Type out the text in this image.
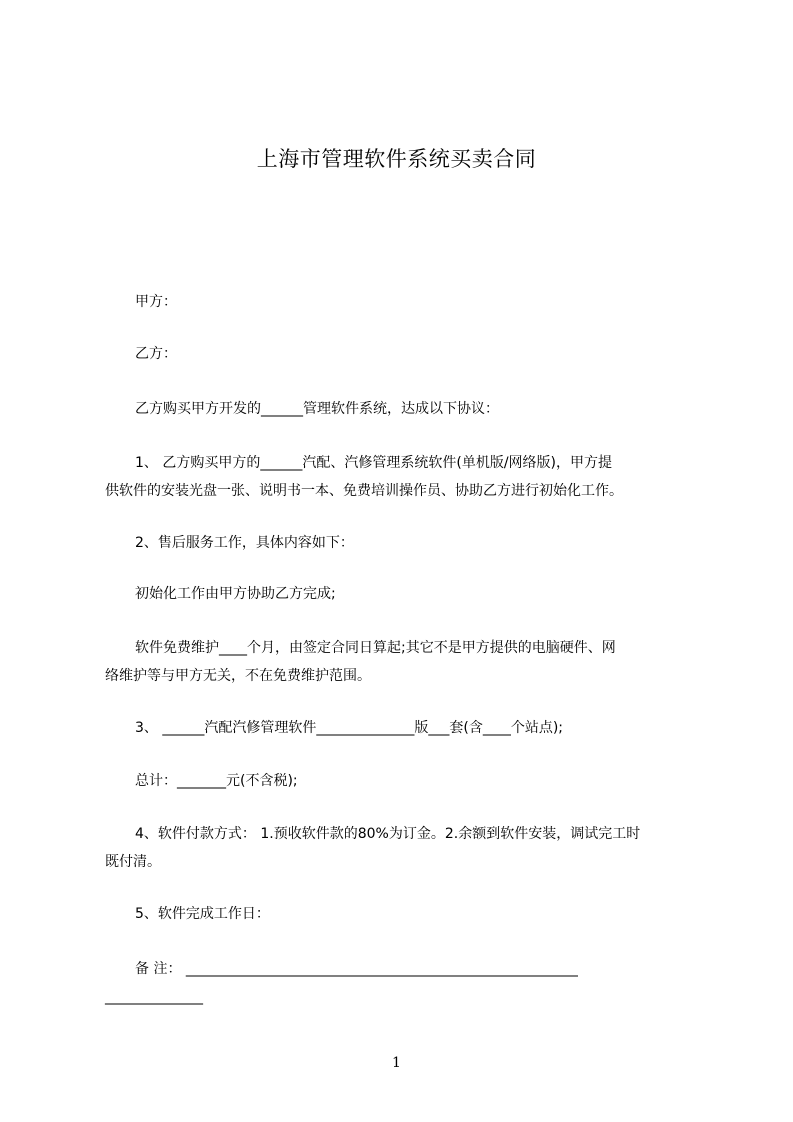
上海市管理软件系统买卖合同

甲方：

乙方：

乙方购买甲方开发的______管理软件系统，达成以下协议：

1、 乙方购买甲方的______汽配、汽修管理系统软件(单机版/网络版)，甲方提
供软件的安装光盘一张、说明书一本、免费培训操作员、协助乙方进行初始化工作。

2、售后服务工作，具体内容如下：

初始化工作由甲方协助乙方完成;

软件免费维护____个月，由签定合同日算起;其它不是甲方提供的电脑硬件、网
络维护等与甲方无关，不在免费维护范围。

3、 ______汽配汽修管理软件______________版___套(含____个站点);

总计：_______元(不含税);

4、软件付款方式： 1.预收软件款的80%为订金。2.余额到软件安装，调试完工时
既付清。

5、软件完成工作日：

备 注： ________________________________________________________
______________
1
